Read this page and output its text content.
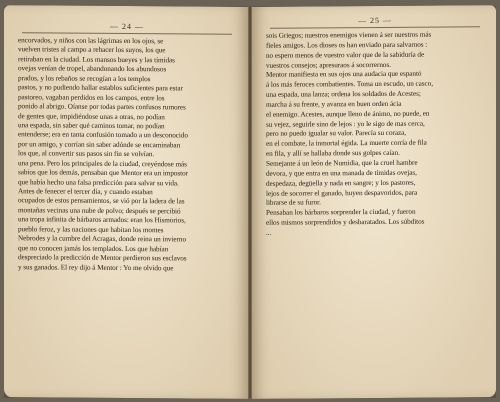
— 24 —
encorvados, y niños con las lágrimas en los ojos, se
vuelven tristes al campo a rehacer los suyos, los que
retiraban en la ciudad. Los mansos bueyes y las tímidas
ovejas venían de tropel, abandonando los abundosos
prados, y los rebaños se recogían a los templos
pastos, y no pudiendo hallar establos suficientes para estar
pastoreo, vagaban perdidos en los campos, entre los
ponido al abrigo. Oíanse por todas partes confusos rumores
de gentes que, impidiéndose unas a otras, no podían
una espada, sin saber qué caminos tomar, no podían
entenderse; era en tanta confusión tomado a un desconocido
por un amigo, y corrían sin saber adónde se encaminaban
los que, al convertir sus pasos sin fin se volvían.
una pena. Pero los principales de la ciudad, creyéndose más
sabios que los demás, pensaban que Mentor era un impostor
que había hecho una falsa predicción para salvar su vida.
Antes de fenecer el tercer día, y cuando estaban
ocupados de estos pensamientos, se vió por la ladera de las
montañas vecinas una nube de polvo; después se percibió
una tropa infinita de bárbaros armados: eran los Hismorios,
pueblo feroz, y las naciones que habitan los montes
Nebrodes y la cumbre del Acragas, donde reina un invierno
que no conocen jamás los templados. Los que habían
despreciado la predicción de Mentor perdieron sus esclavos
y sus ganados. El rey dijo á Mentor : Yo me olvido que
— 25 —
sois Griegos; nuestros enemigos vienen á ser nuestros más
fieles amigos. Los dioses os han enviado para salvarnos :
no espero menos de vuestro valor que de la sabiduría de
vuestros consejos; apresuraos á socorrernos.
Mentor manifiesta en sus ojos una audacia que espantó
á los más feroces combatientes. Toma un escudo, un casco,
una espada, una lanza; ordena los soldados de Acestes;
marcha á su frente, y avanza en buen orden ácia
el enemigo. Acestes, aunque lleno de ánimo, no puede, en
su vejez, seguirle sino de lejos : yo le sigo de mas cerca,
pero no puedo igualar su valor. Parecía su coraza,
en el combate, la inmortal égida. La muerte corría de fila
en fila, y allí se hallaba donde sus golpes caían.
Semejante á un león de Numidia, que la cruel hambre
devora, y que entra en una manada de tímidas ovejas,
despedaza, degüella y nada en sangre; y los pastores,
lejos de socorrer el ganado, huyen despavoridos, para
librarse de su furor.
Pensaban los bárbaros sorprender la ciudad, y fueron
ellos mismos sorprendidos y desbaratados. Los súbditos
...
